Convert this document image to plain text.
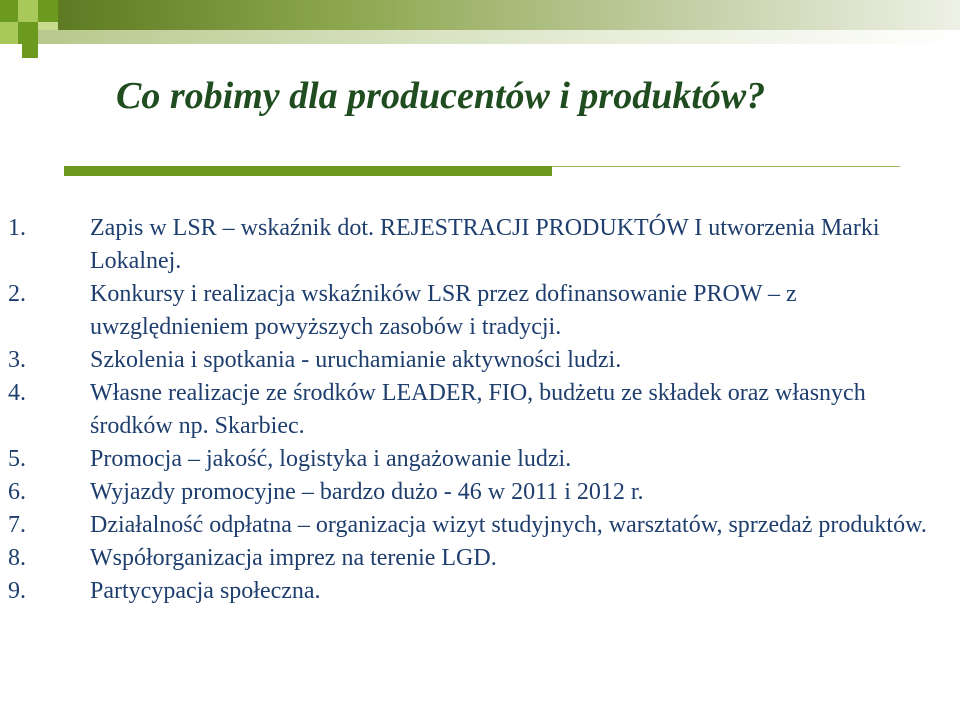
Co robimy dla producentów i produktów?
1.	Zapis w LSR – wskaźnik dot. REJESTRACJI PRODUKTÓW I utworzenia Marki Lokalnej.
2.	Konkursy i realizacja wskaźników LSR przez dofinansowanie PROW – z uwzględnieniem powyższych zasobów i tradycji.
3.	Szkolenia i spotkania - uruchamianie aktywności ludzi.
4.	Własne realizacje ze środków LEADER, FIO, budżetu ze składek oraz własnych środków np. Skarbiec.
5.	Promocja – jakość, logistyka i angażowanie ludzi.
6.	Wyjazdy promocyjne – bardzo dużo - 46 w 2011 i 2012 r.
7.	Działalność odpłatna – organizacja wizyt studyjnych, warsztatów, sprzedaż produktów.
8.	Współorganizacja imprez na terenie LGD.
9.	Partycypacja społeczna.
